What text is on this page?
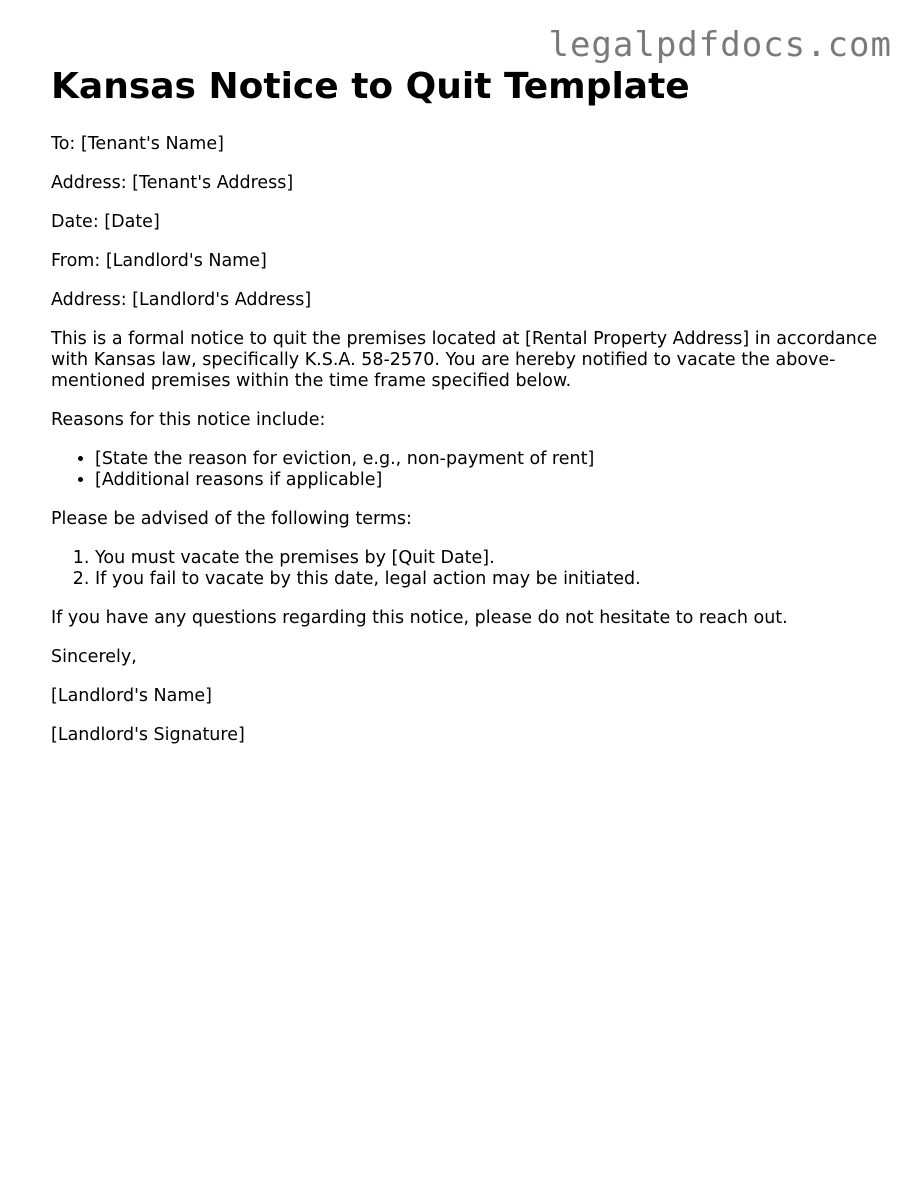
legalpdfdocs.com
Kansas Notice to Quit Template

To: [Tenant's Name]

Address: [Tenant's Address]

Date: [Date]

From: [Landlord's Name]

Address: [Landlord's Address]

This is a formal notice to quit the premises located at [Rental Property Address] in accordance with Kansas law, specifically K.S.A. 58-2570. You are hereby notified to vacate the above-mentioned premises within the time frame specified below.

Reasons for this notice include:

• [State the reason for eviction, e.g., non-payment of rent]
• [Additional reasons if applicable]

Please be advised of the following terms:

1. You must vacate the premises by [Quit Date].
2. If you fail to vacate by this date, legal action may be initiated.

If you have any questions regarding this notice, please do not hesitate to reach out.

Sincerely,

[Landlord's Name]

[Landlord's Signature]
